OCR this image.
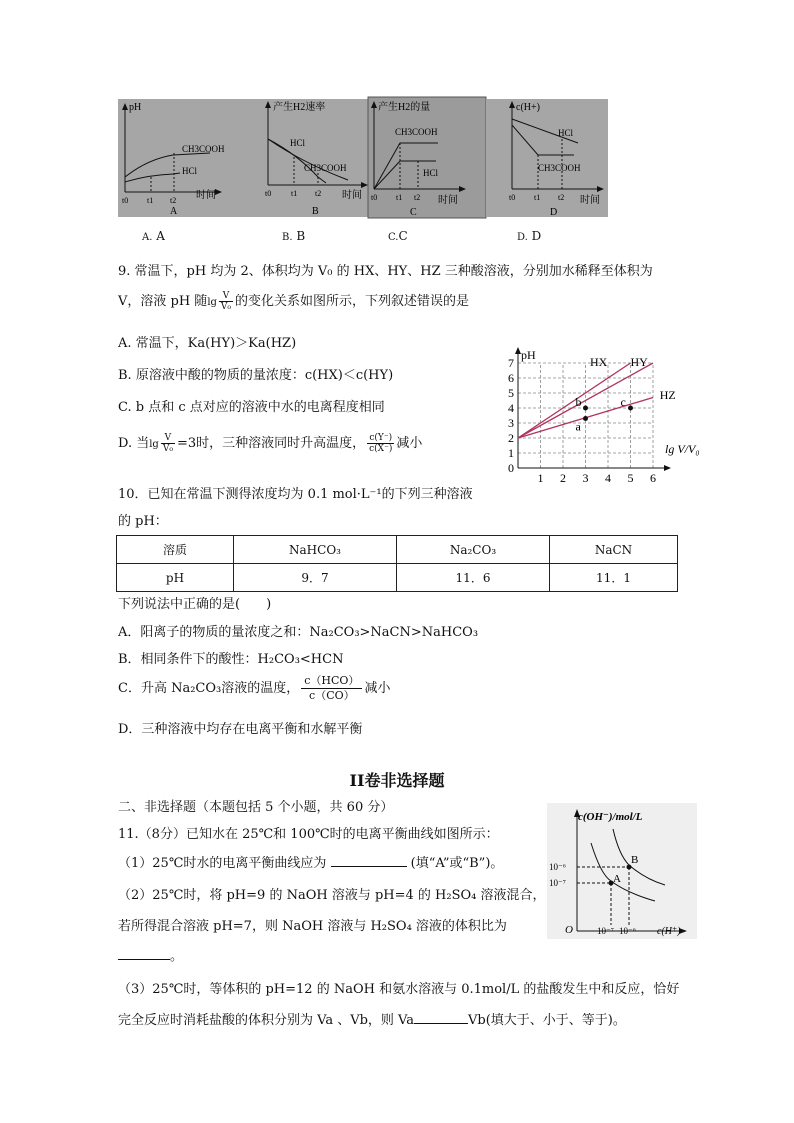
pH
CH3COOH
HCl
t0 t1 t2 时间
A
产生H2速率
HCl
CH3COOH
t0 t1 t2 时间
B
产生H2的量
CH3COOH
HCl
t0 t1 t2 时间
C
c(H+)
HCl
CH3COOH
t0 t1 t2 时间
D
A. A	B. B	C.C	D. D
9. 常温下，pH 均为 2、体积均为 V₀ 的 HX、HY、HZ 三种酸溶液，分别加水稀释至体积为
V，溶液 pH 随$\lg \frac{V}{\text{V₀}}$ 的变化关系如图所示，下列叙述错误的是
A. 常温下，Ka(HY)＞Ka(HZ)
B. 原溶液中酸的物质的量浓度：c(HX)＜c(HY)
C. b 点和 c 点对应的溶液中水的电离程度相同
D. 当$\lg \frac{V}{\text{V₀}} =3$时，三种溶液同时升高温度， $\frac{c(Y^-)}{c(X^-)}$ 减小
0
1
2
3
4
5
6
7
1 2 3 4 5 6
pH
lg V/V₀
HX HY
HZ
a
b	c
10．已知在常温下测得浓度均为 0.1 mol·L⁻¹的下列三种溶液
的 pH：
溶质	NaHCO₃	Na₂CO₃	NaCN
pH	9．7	11．6	11．1
下列说法中正确的是(　　)
A．阳离子的物质的量浓度之和：Na₂CO₃>NaCN>NaHCO₃
B．相同条件下的酸性：H₂CO₃<HCN
C．升高 Na₂CO₃溶液的温度，
c（HCO）
c（CO） 减小
D．三种溶液中均存在电离平衡和水解平衡
II卷非选择题
二、非选择题（本题包括 5 个小题，共 60 分）
11.（8分）已知水在 25℃和 100℃时的电离平衡曲线如图所示：
（1）25℃时水的电离平衡曲线应为	(填“A”或“B”)。
（2）25℃时，将 pH=9 的 NaOH 溶液与 pH=4 的 H₂SO₄ 溶液混合，
若所得混合溶液 pH=7，则 NaOH 溶液与 H₂SO₄ 溶液的体积比为
。
（3）25℃时，等体积的 pH=12 的 NaOH 和氨水溶液与 0.1mol/L 的盐酸发生中和反应，恰好
完全反应时消耗盐酸的体积分别为 Va 、Vb，则 Va	Vb(填大于、小于、等于)。
c(OH⁻)/mol/L
c(H⁺)
O
10⁻⁶
10⁻⁷
10⁻⁷ 10⁻⁶
A
B
